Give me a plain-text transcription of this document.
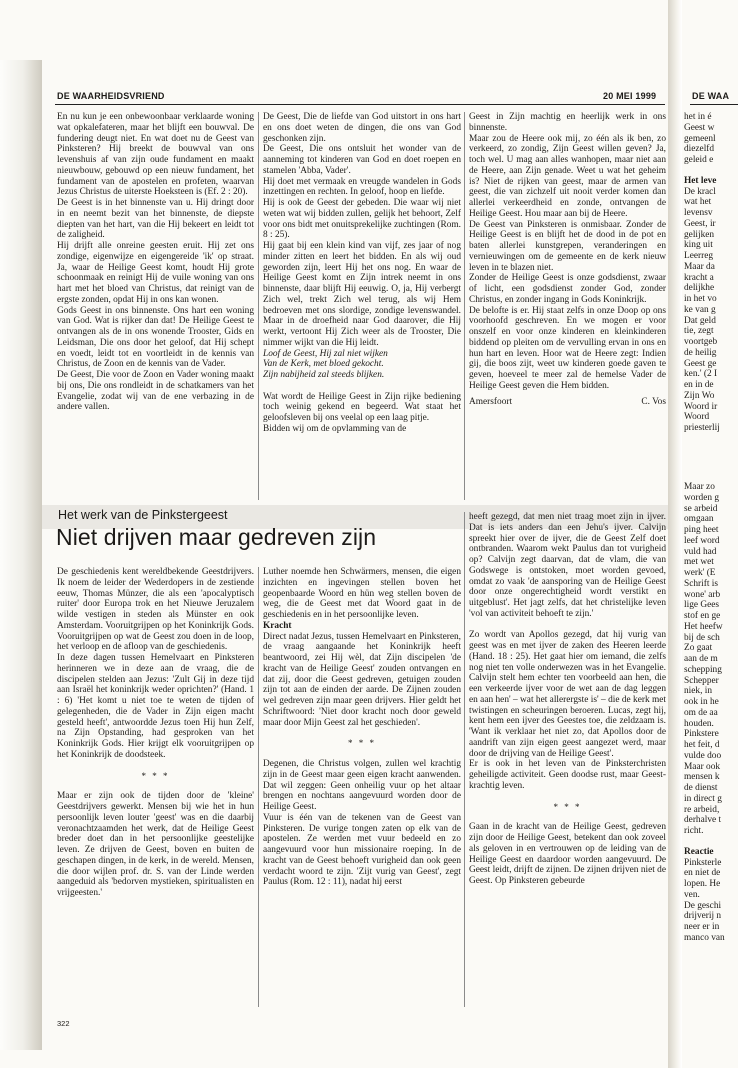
DE WAARHEIDSVRIEND	20 MEI 1999	DE WAA

En nu kun je een onbewoonbaar verklaarde woning wat opkalefateren, maar het blijft een bouwval. De fundering deugt niet. En wat doet nu de Geest van Pinksteren? Hij breekt de bouwval van ons levenshuis af van zijn oude fundament en maakt nieuwbouw, gebouwd op een nieuw fundament, het fundament van de apostelen en profeten, waarvan Jezus Christus de uiterste Hoeksteen is (Ef. 2 : 20).

De Geest is in het binnenste van u. Hij dringt door in en neemt bezit van het binnenste, de diepste diepten van het hart, van die Hij bekeert en leidt tot de zaligheid.

Hij drijft alle onreine geesten eruit. Hij zet ons zondige, eigenwijze en eigengereide 'ik' op straat. Ja, waar de Heilige Geest komt, houdt Hij grote schoonmaak en reinigt Hij de vuile woning van ons hart met het bloed van Christus, dat reinigt van de ergste zonden, opdat Hij in ons kan wonen.

Gods Geest in ons binnenste. Ons hart een woning van God. Wat is rijker dan dat! De Heilige Geest te ontvangen als de in ons wonende Trooster, Gids en Leidsman, Die ons door het geloof, dat Hij schept en voedt, leidt tot en voortleidt in de kennis van Christus, de Zoon en de kennis van de Vader.

De Geest, Die voor de Zoon en Vader woning maakt bij ons, Die ons rondleidt in de schatkamers van het Evangelie, zodat wij van de ene verbazing in de andere vallen.

De Geest, Die de liefde van God uitstort in ons hart en ons doet weten de dingen, die ons van God geschonken zijn.

De Geest, Die ons ontsluit het wonder van de aanneming tot kinderen van God en doet roepen en stamelen 'Abba, Vader'.

Hij doet met vermaak en vreugde wandelen in Gods inzettingen en rechten. In geloof, hoop en liefde.

Hij is ook de Geest der gebeden. Die waar wij niet weten wat wij bidden zullen, gelijk het behoort, Zelf voor ons bidt met onuitsprekelijke zuchtingen (Rom. 8 : 25).

Hij gaat bij een klein kind van vijf, zes jaar of nog minder zitten en leert het bidden. En als wij oud geworden zijn, leert Hij het ons nog. En waar de Heilige Geest komt en Zijn intrek neemt in ons binnenste, daar blijft Hij eeuwig. O, ja, Hij verbergt Zich wel, trekt Zich wel terug, als wij Hem bedroeven met ons slordige, zondige levenswandel. Maar in de droefheid naar God daarover, die Hij werkt, vertoont Hij Zich weer als de Trooster, Die nimmer wijkt van die Hij leidt.

Loof de Geest, Hij zal niet wijken

Van de Kerk, met bloed gekocht.

Zijn nabijheid zal steeds blijken.

Wat wordt de Heilige Geest in Zijn rijke bediening toch weinig gekend en begeerd. Wat staat het geloofsleven bij ons veelal op een laag pitje.

Bidden wij om de opvlamming van de

Geest in Zijn machtig en heerlijk werk in ons binnenste.

Maar zou de Heere ook mij, zo één als ik ben, zo verkeerd, zo zondig, Zijn Geest willen geven? Ja, toch wel. U mag aan alles wanhopen, maar niet aan de Heere, aan Zijn genade. Weet u wat het geheim is? Niet de rijken van geest, maar de armen van geest, die van zichzelf uit nooit verder komen dan allerlei verkeerdheid en zonde, ontvangen de Heilige Geest. Hou maar aan bij de Heere.

De Geest van Pinksteren is onmisbaar. Zonder de Heilige Geest is en blijft het de dood in de pot en baten allerlei kunstgrepen, veranderingen en vernieuwingen om de gemeente en de kerk nieuw leven in te blazen niet.

Zonder de Heilige Geest is onze godsdienst, zwaar of licht, een godsdienst zonder God, zonder Christus, en zonder ingang in Gods Koninkrijk.

De belofte is er. Hij staat zelfs in onze Doop op ons voorhoofd geschreven. En we mogen er voor onszelf en voor onze kinderen en kleinkinderen biddend op pleiten om de vervulling ervan in ons en hun hart en leven. Hoor wat de Heere zegt: Indien gij, die boos zijt, weet uw kinderen goede gaven te geven, hoeveel te meer zal de hemelse Vader de Heilige Geest geven die Hem bidden.

Amersfoort	C. Vos
Het werk van de Pinkstergeest
Niet drijven maar gedreven zijn

De geschiedenis kent wereldbekende Geestdrijvers. Ik noem de leider der Wederdopers in de zestiende eeuw, Thomas Münzer, die als een 'apocalyptisch ruiter' door Europa trok en het Nieuwe Jeruzalem wilde vestigen in steden als Münster en ook Amsterdam. Vooruitgrijpen op het Koninkrijk Gods. Vooruitgrijpen op wat de Geest zou doen in de loop, het verloop en de afloop van de geschiedenis.

In deze dagen tussen Hemelvaart en Pinksteren herinneren we in deze aan de vraag, die de discipelen stelden aan Jezus: 'Zult Gij in deze tijd aan Israël het koninkrijk weder oprichten?' (Hand. 1 : 6) 'Het komt u niet toe te weten de tijden of gelegenheden, die de Vader in Zijn eigen macht gesteld heeft', antwoordde Jezus toen Hij hun Zelf, na Zijn Opstanding, had gesproken van het Koninkrijk Gods. Hier krijgt elk vooruitgrijpen op het Koninkrijk de doodsteek.

* * *

Maar er zijn ook de tijden door de 'kleine' Geestdrijvers gewerkt. Mensen bij wie het in hun persoonlijk leven louter 'geest' was en die daarbij veronachtzaamden het werk, dat de Heilige Geest breder doet dan in het persoonlijke geestelijke leven. Ze drijven de Geest, boven en buiten de geschapen dingen, in de kerk, in de wereld. Mensen, die door wijlen prof. dr. S. van der Linde werden aangeduid als 'bedorven mystieken, spiritualisten en vrijgeesten.'

Luther noemde hen Schwärmers, mensen, die eigen inzichten en ingevingen stellen boven het geopenbaarde Woord en hün weg stellen boven de weg, die de Geest met dat Woord gaat in de geschiedenis en in het persoonlijke leven.

Kracht

Direct nadat Jezus, tussen Hemelvaart en Pinksteren, de vraag aangaande het Koninkrijk heeft beantwoord, zei Hij wèl, dat Zijn discipelen 'de kracht van de Heilige Geest' zouden ontvangen en dat zij, door die Geest gedreven, getuigen zouden zijn tot aan de einden der aarde. De Zijnen zouden wel gedreven zijn maar geen drijvers. Hier geldt het Schriftwoord: 'Niet door kracht noch door geweld maar door Mijn Geest zal het geschieden'.

* * *

Degenen, die Christus volgen, zullen wel krachtig zijn in de Geest maar geen eigen kracht aanwenden. Dat wil zeggen: Geen onheilig vuur op het altaar brengen en nochtans aangevuurd worden door de Heilige Geest.

Vuur is één van de tekenen van de Geest van Pinksteren. De vurige tongen zaten op elk van de apostelen. Ze werden met vuur bedeeld en zo aangevuurd voor hun missionaire roeping. In de kracht van de Geest behoeft vurigheid dan ook geen verdacht woord te zijn. 'Zijt vurig van Geest', zegt Paulus (Rom. 12 : 11), nadat hij eerst

heeft gezegd, dat men niet traag moet zijn in ijver. Dat is iets anders dan een Jehu's ijver. Calvijn spreekt hier over de ijver, die de Geest Zelf doet ontbranden. Waarom wekt Paulus dan tot vurigheid op? Calvijn zegt daarvan, dat de vlam, die van Godswege is ontstoken, moet worden gevoed, omdat zo vaak 'de aansporing van de Heilige Geest door onze ongerechtigheid wordt verstikt en uitgeblust'. Het jagt zelfs, dat het christelijke leven 'vol van activiteit behoeft te zijn.'

Zo wordt van Apollos gezegd, dat hij vurig van geest was en met ijver de zaken des Heeren leerde (Hand. 18 : 25). Het gaat hier om iemand, die zelfs nog niet ten volle onderwezen was in het Evangelie. Calvijn stelt hem echter ten voorbeeld aan hen, die een verkeerde ijver voor de wet aan de dag leggen en aan hen' – wat het allerergste is' – die de kerk met twistingen en scheuringen beroeren. Lucas, zegt hij, kent hem een ijver des Geestes toe, die zeldzaam is. 'Want ik verklaar het niet zo, dat Apollos door de aandrift van zijn eigen geest aangezet werd, maar door de drijving van de Heilige Geest'.

Er is ook in het leven van de Pinksterchristen geheiligde activiteit. Geen doodse rust, maar Geest-krachtig leven.

* * *

Gaan in de kracht van de Heilige Geest, gedreven zijn door de Heilige Geest, betekent dan ook zoveel als geloven in en vertrouwen op de leiding van de Heilige Geest en daardoor worden aangevuurd. De Geest leidt, drijft de zijnen. De zijnen drijven niet de Geest. Op Pinksteren gebeurde

322

het in é

Geest w

gemeenl

diezelfd

geleid e

Het leve

De kracl

wat het

levensv

Geest, ir

gelijken

king uit

Leerreg

Maar da

kracht a

delijkhe

in het vo

ke van g

Dat geld

tie, zegt

voortgeb

de heilig

Geest ge

ken.' (2 I

en in de

Zijn Wo

Woord ir

Woord

priesterlij

Maar zo

worden g

se arbeid

omgaan

ping heet

leef word

vuld had

met wet

werk' (E

Schrift is

wone' arb

lige Gees

stof en ge

Het heefw

bij de sch

Zo gaat

aan de m

schepping

Schepper

niek, in

ook in he

om de aa

houden.

Pinkstere

het feit, d

vulde doo

Maar ook

mensen k

de dienst

in direct g

re arbeid,

derhalve t

richt.

Reactie

Pinksterle

en niet de

lopen. He

ven.

De geschi

drijverij n

neer er in

manco van
